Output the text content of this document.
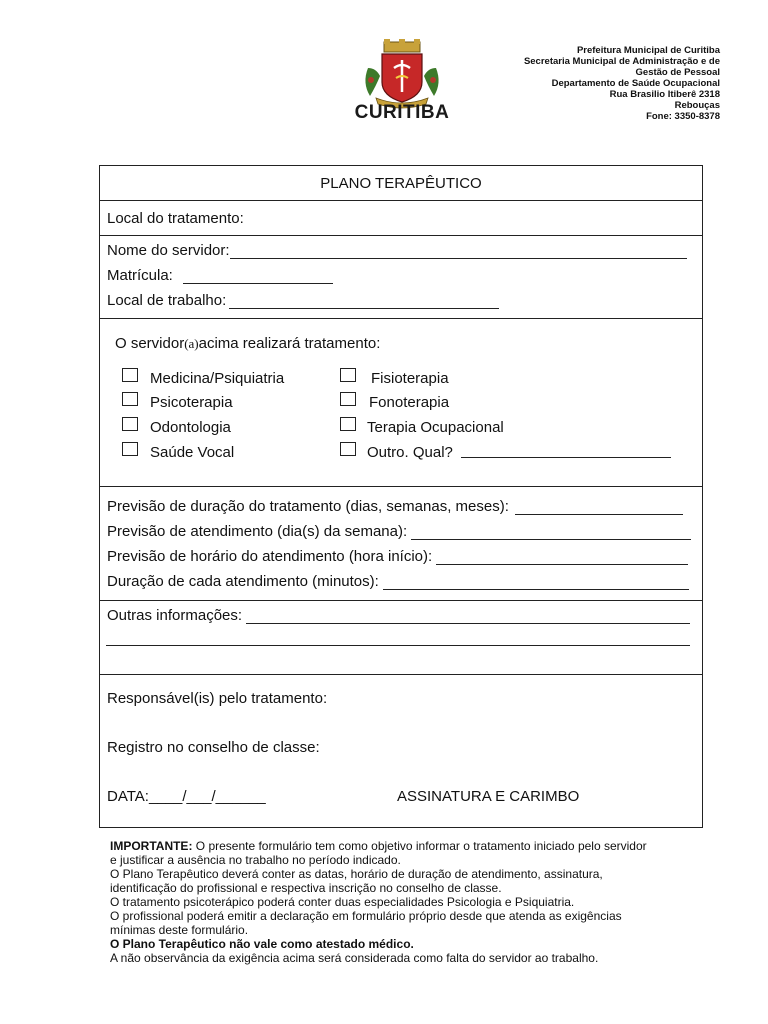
CURITIBA
Prefeitura Municipal de Curitiba
Secretaria Municipal de Administração e de
Gestão de Pessoal
Departamento de Saúde Ocupacional
Rua Brasilio Itiberê 2318
Rebouças
Fone: 3350-8378
PLANO TERAPÊUTICO
Local do tratamento:
Nome do servidor:
Matrícula:
Local de trabalho:
O servidor (a) acima realizará tratamento:
Medicina/Psiquiatria
Psicoterapia
Odontologia
Saúde Vocal
Fisioterapia
Fonoterapia
Terapia Ocupacional
Outro. Qual?
Previsão de duração do tratamento (dias, semanas, meses):
Previsão de atendimento (dia(s) da semana):
Previsão de horário do atendimento (hora início):
Duração de cada atendimento (minutos):
Outras informações:
Responsável(is) pelo tratamento:
Registro no conselho de classe:
DATA:____/___/______	ASSINATURA E CARIMBO

IMPORTANTE: O presente formulário tem como objetivo informar o tratamento iniciado pelo servidor e justificar a ausência no trabalho no período indicado.

O Plano Terapêutico deverá conter as datas, horário de duração de atendimento, assinatura, identificação do profissional e respectiva inscrição no conselho de classe.

O tratamento psicoterápico poderá conter duas especialidades Psicologia e Psiquiatria.

O profissional poderá emitir a declaração em formulário próprio desde que atenda as exigências mínimas deste formulário.

O Plano Terapêutico não vale como atestado médico.

A não observância da exigência acima será considerada como falta do servidor ao trabalho.
